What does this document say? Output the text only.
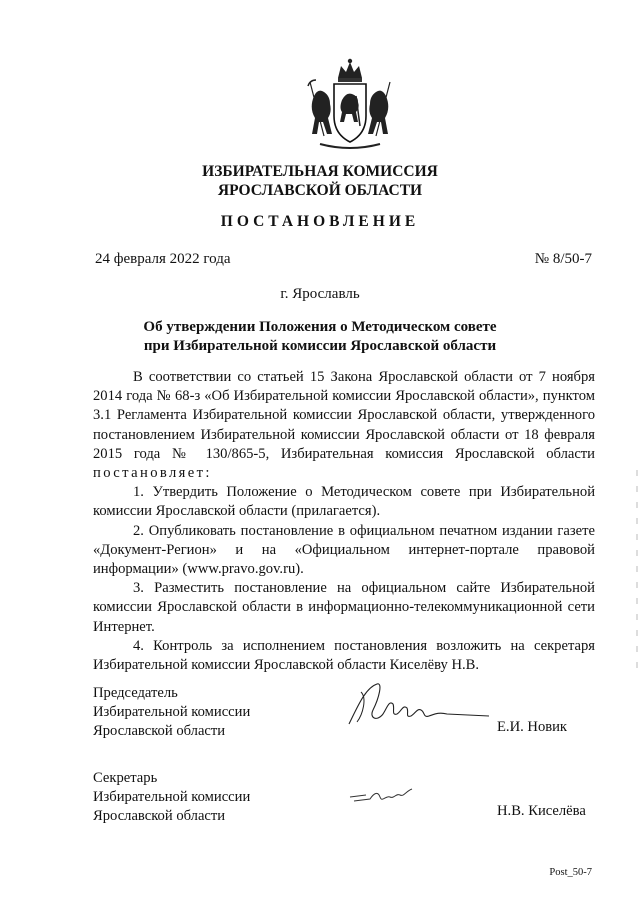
ИЗБИРАТЕЛЬНАЯ КОМИССИЯ
ЯРОСЛАВСКОЙ ОБЛАСТИ
ПОСТАНОВЛЕНИЕ
24 февраля 2022 года	№ 8/50-7
г. Ярославль
Об утверждении Положения о Методическом совете
при Избирательной комиссии Ярославской области

В соответствии со статьей 15 Закона Ярославской области от 7 ноября 2014 года № 68-з «Об Избирательной комиссии Ярославской области», пунктом 3.1 Регламента Избирательной комиссии Ярославской области, утвержденного постановлением Избирательной комиссии Ярославской области от 18 февраля 2015 года № 130/865-5, Избирательная комиссия Ярославской области постановляет:

1. Утвердить Положение о Методическом совете при Избирательной комиссии Ярославской области (прилагается).

2. Опубликовать постановление в официальном печатном издании газете «Документ-Регион» и на «Официальном интернет-портале правовой информации» (www.pravo.gov.ru).

3. Разместить постановление на официальном сайте Избирательной комиссии Ярославской области в информационно-телекоммуникационной сети Интернет.

4. Контроль за исполнением постановления возложить на секретаря Избирательной комиссии Ярославской области Киселёву Н.В.

Председатель
Избирательной комиссии
Ярославской области	Е.И. Новик
Секретарь
Избирательной комиссии
Ярославской области	Н.В. Киселёва
Post_50-7
